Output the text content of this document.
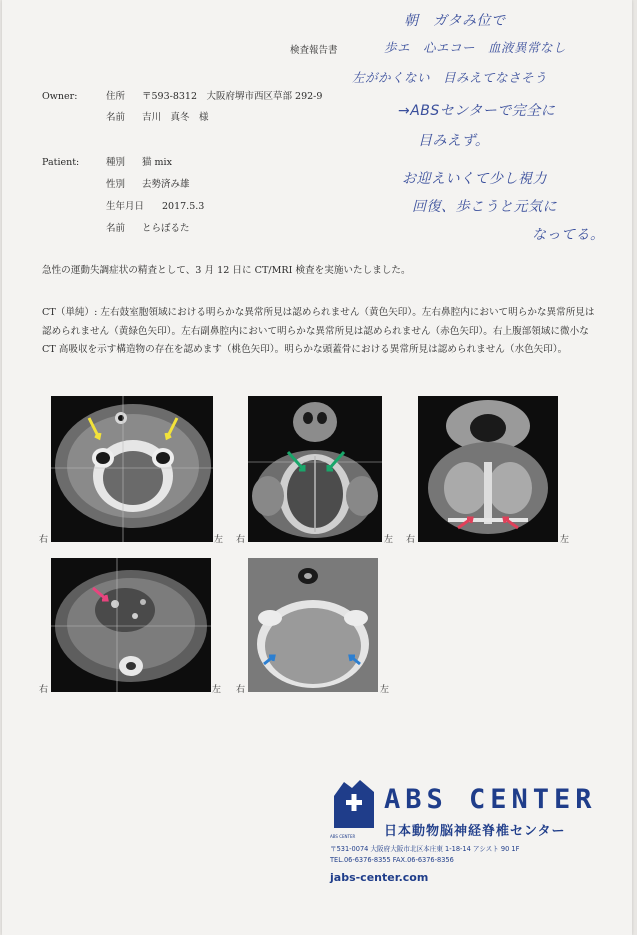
検査報告書
Owner:	住所 〒593-8312　大阪府堺市西区草部 292-9
名前 吉川　真冬　様
Patient:	種別 猫 mix
性別 去勢済み雄
生年月日 2017.5.3
名前 とらぼるた
朝　ガタみ位で
歩エ　心エコー　血液異常なし
左がかくない　目みえてなさそう
→ABSセンターで完全に
目みえず。
お迎えいくて少し視力
回復、歩こうと元気に
なってる。
急性の運動失調症状の精査として、3 月 12 日に CT/MRI 検査を実施いたしました。
CT（単純）: 左右鼓室胞領域における明らかな異常所見は認められません（黄色矢印）。左右鼻腔内において明らかな異常所見は認められません（黄緑色矢印）。左右副鼻腔内において明らかな異常所見は認められません（赤色矢印）。右上腹部領域に微小な CT 高吸収を示す構造物の存在を認めます（桃色矢印）。明らかな頭蓋骨における異常所見は認められません（水色矢印）。
右	左 右	左 右	左
右	左 右	左
ABS CENTER
ABS CENTER
日本動物脳神経脊椎センター
〒531-0074 大阪府大阪市北区本庄東 1-18-14 アシスト 90 1F
TEL.06-6376-8355 FAX.06-6376-8356
jabs-center.com
